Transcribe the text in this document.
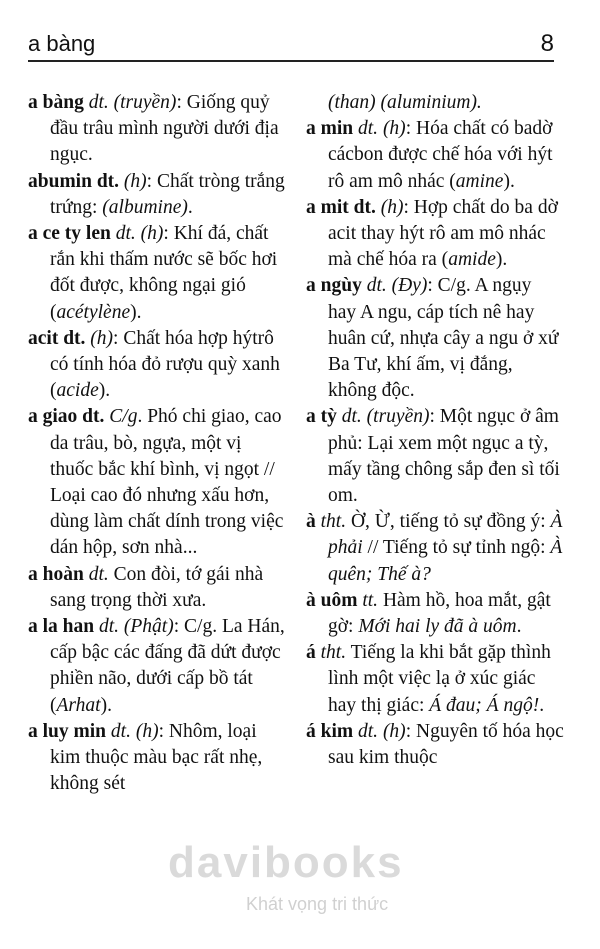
a bàng	8

a bàng dt. (truyền): Giống quỷ đầu trâu mình người dưới địa ngục.

abumin dt. (h): Chất tròng trắng trứng: (albumine).

a ce ty len dt. (h): Khí đá, chất rắn khi thấm nước sẽ bốc hơi đốt được, không ngại gió (acétylène).

acit dt. (h): Chất hóa hợp hýtrô có tính hóa đỏ rượu quỳ xanh (acide).

a giao dt. C/g. Phó chi giao, cao da trâu, bò, ngựa, một vị thuốc bắc khí bình, vị ngọt // Loại cao đó nhưng xấu hơn, dùng làm chất dính trong việc dán hộp, sơn nhà...

a hoàn dt. Con đòi, tớ gái nhà sang trọng thời xưa.

a la han dt. (Phật): C/g. La Hán, cấp bậc các đấng đã dứt được phiền não, dưới cấp bồ tát (Arhat).

a luy min dt. (h): Nhôm, loại kim thuộc màu bạc rất nhẹ, không sét

(than) (aluminium).

a min dt. (h): Hóa chất có badờ cácbon được chế hóa với hýt rô am mô nhác (amine).

a mit dt. (h): Hợp chất do ba dờ acit thay hýt rô am mô nhác mà chế hóa ra (amide).

a ngùy dt. (Đy): C/g. A ngụy hay A ngu, cáp tích nê hay huân cứ, nhựa cây a ngu ở xứ Ba Tư, khí ấm, vị đắng, không độc.

a tỳ dt. (truyền): Một ngục ở âm phủ: Lại xem một ngục a tỳ, mấy tầng chông sắp đen sì tối om.

à tht. Ờ, Ừ, tiếng tỏ sự đồng ý: À phải // Tiếng tỏ sự tỉnh ngộ: À quên; Thế à?

à uôm tt. Hàm hồ, hoa mắt, gật gờ: Mới hai ly đã à uôm.

á tht. Tiếng la khi bắt gặp thình lình một việc lạ ở xúc giác hay thị giác: Á đau; Á ngộ!.

á kim dt. (h): Nguyên tố hóa học sau kim thuộc

davibooks
Khát vọng tri thức
